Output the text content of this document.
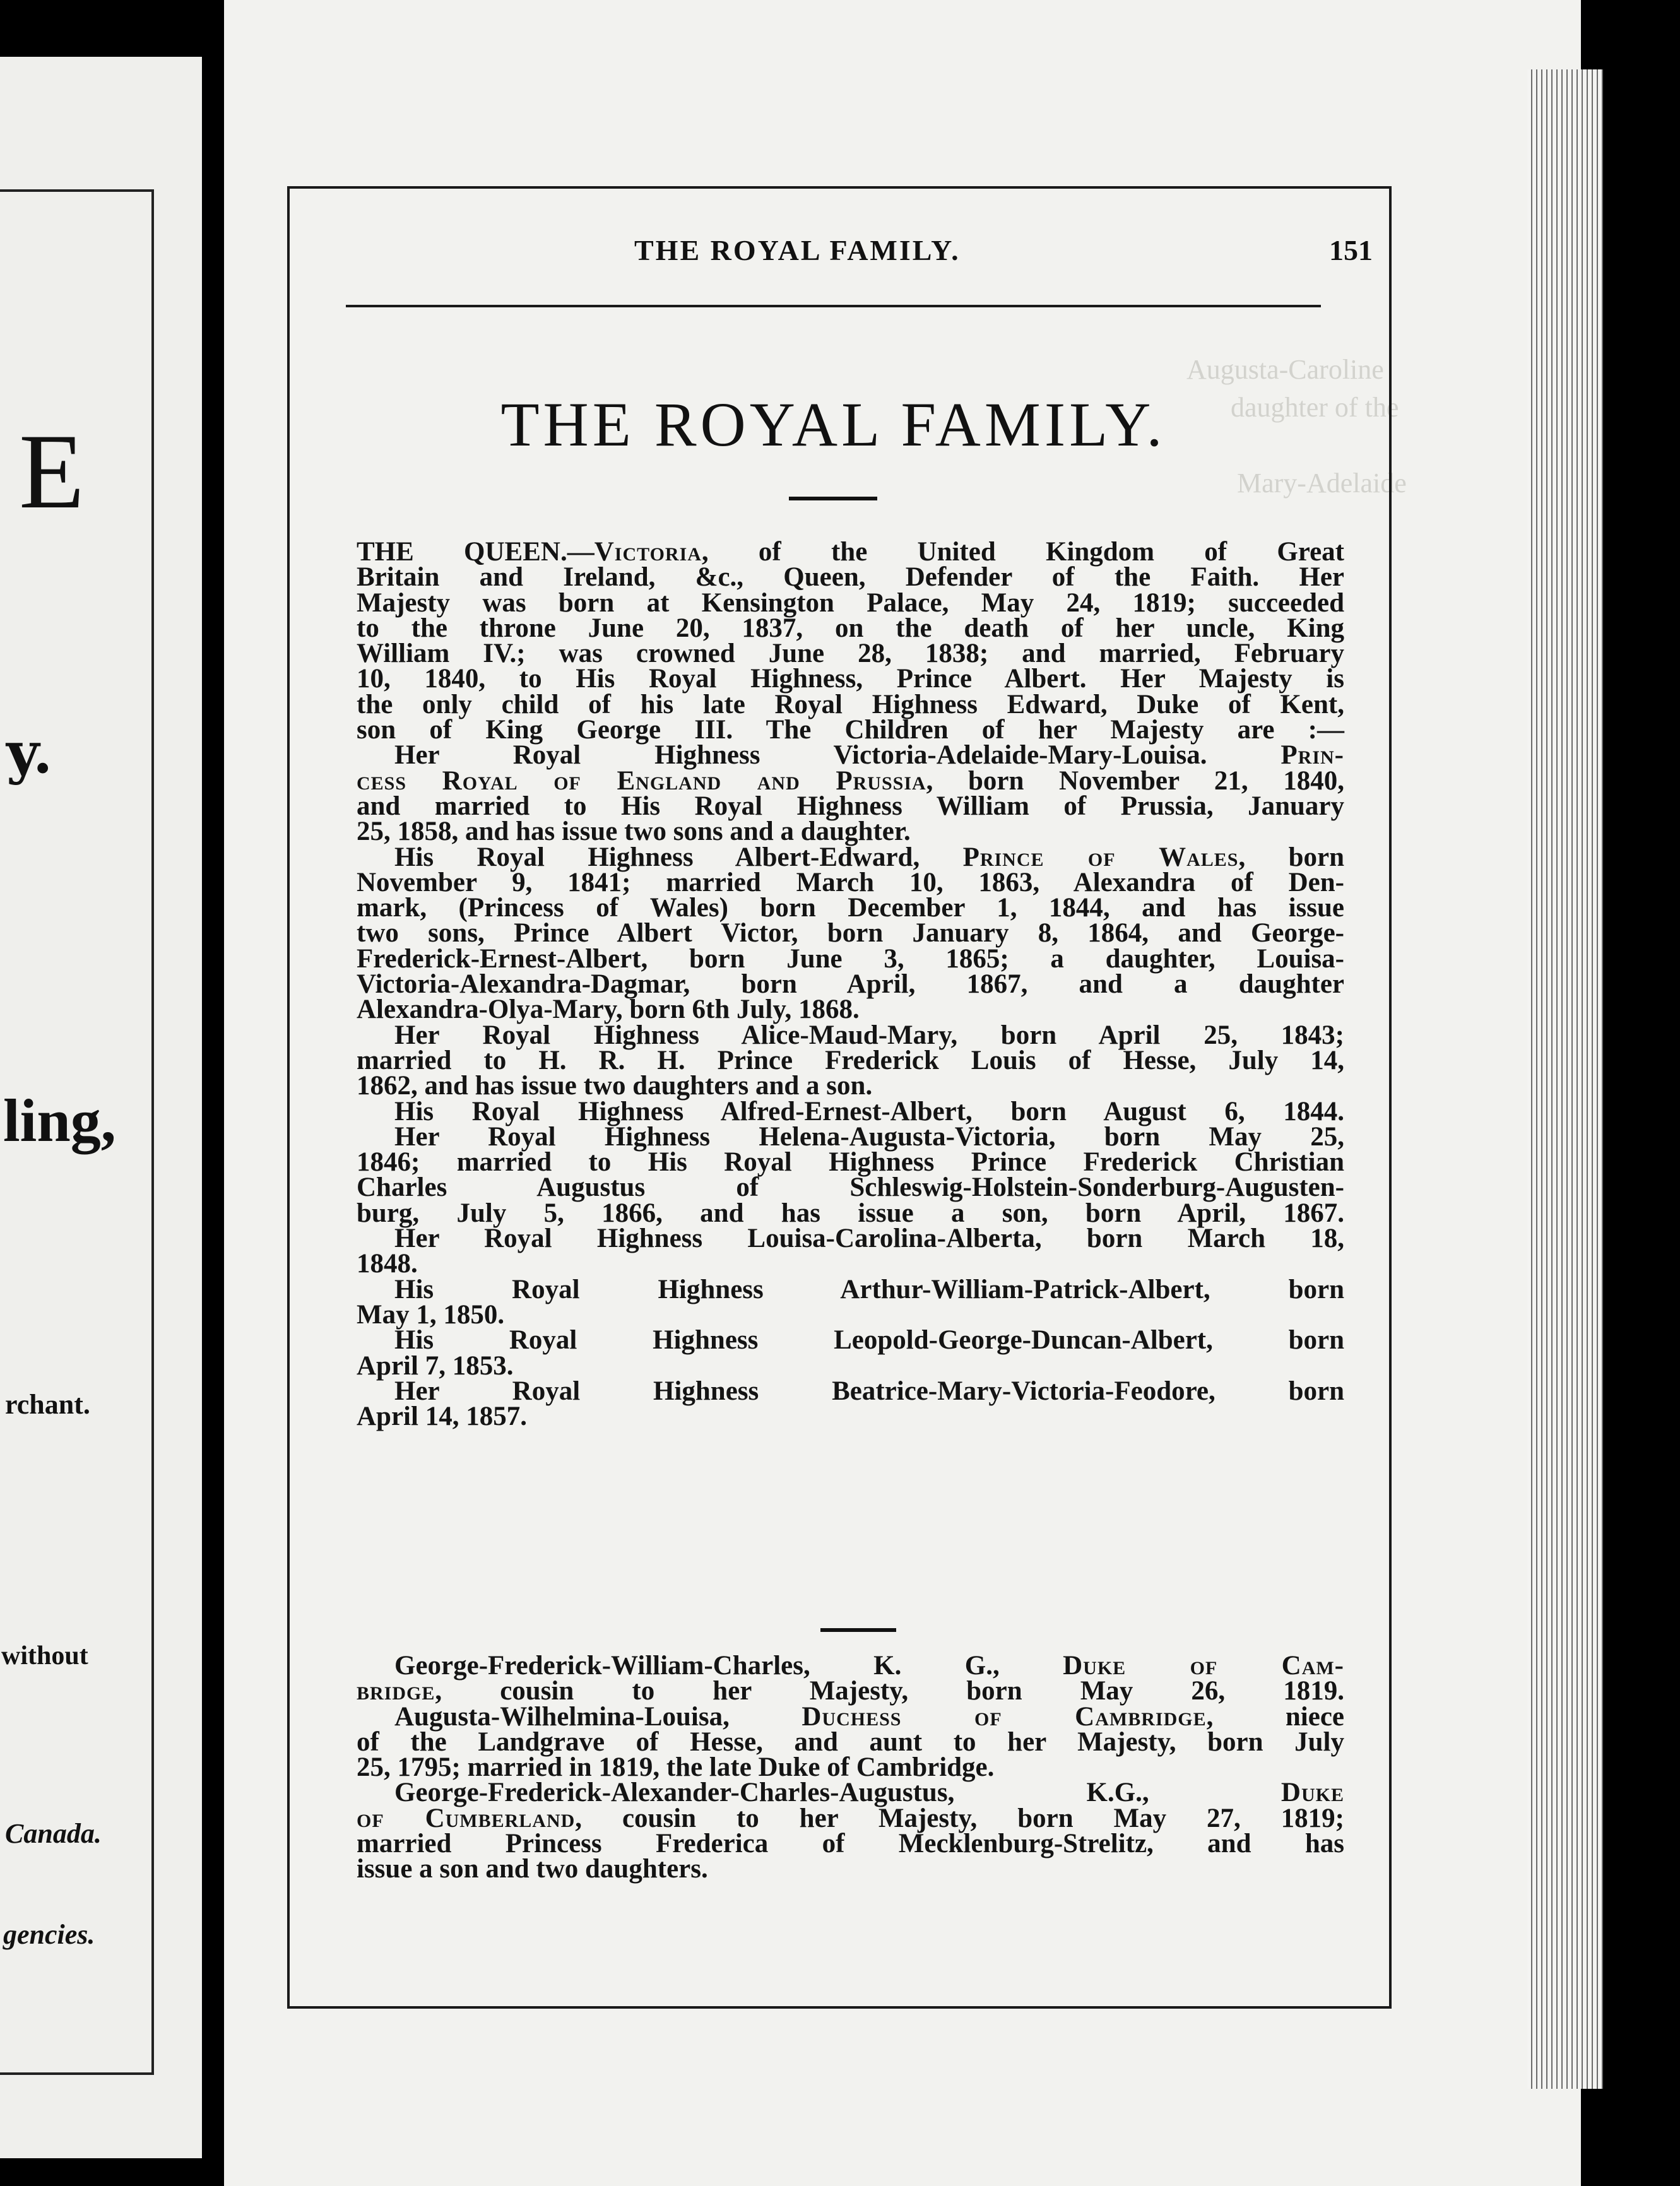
E
y.
ling,
rchant.
without
Canada.
gencies.
Augusta-Caroline
daughter of the
Mary-Adelaide
THE ROYAL FAMILY.	151
THE ROYAL FAMILY.
THE QUEEN.—Victoria, of the United Kingdom of Great
Britain and Ireland, &c., Queen, Defender of the Faith. Her
Majesty was born at Kensington Palace, May 24, 1819; succeeded
to the throne June 20, 1837, on the death of her uncle, King
William IV.; was crowned June 28, 1838; and married, February
10, 1840, to His Royal Highness, Prince Albert. Her Majesty is
the only child of his late Royal Highness Edward, Duke of Kent,
son of King George III. The Children of her Majesty are :—
Her Royal Highness Victoria-Adelaide-Mary-Louisa. Prin-
cess Royal of England and Prussia, born November 21, 1840,
and married to His Royal Highness William of Prussia, January
25, 1858, and has issue two sons and a daughter.
His Royal Highness Albert-Edward, Prince of Wales, born
November 9, 1841; married March 10, 1863, Alexandra of Den-
mark, (Princess of Wales) born December 1, 1844, and has issue
two sons, Prince Albert Victor, born January 8, 1864, and George-
Frederick-Ernest-Albert, born June 3, 1865; a daughter, Louisa-
Victoria-Alexandra-Dagmar, born April, 1867, and a daughter
Alexandra-Olya-Mary, born 6th July, 1868.
Her Royal Highness Alice-Maud-Mary, born April 25, 1843;
married to H. R. H. Prince Frederick Louis of Hesse, July 14,
1862, and has issue two daughters and a son.
His Royal Highness Alfred-Ernest-Albert, born August 6, 1844.
Her Royal Highness Helena-Augusta-Victoria, born May 25,
1846; married to His Royal Highness Prince Frederick Christian
Charles Augustus of Schleswig-Holstein-Sonderburg-Augusten-
burg, July 5, 1866, and has issue a son, born April, 1867.
Her Royal Highness Louisa-Carolina-Alberta, born March 18,
1848.
His Royal Highness Arthur-William-Patrick-Albert, born
May 1, 1850.
His Royal Highness Leopold-George-Duncan-Albert, born
April 7, 1853.
Her Royal Highness Beatrice-Mary-Victoria-Feodore, born
April 14, 1857.
George-Frederick-William-Charles, K. G., Duke of Cam-
bridge, cousin to her Majesty, born May 26, 1819.
Augusta-Wilhelmina-Louisa, Duchess of Cambridge, niece
of the Landgrave of Hesse, and aunt to her Majesty, born July
25, 1795; married in 1819, the late Duke of Cambridge.
George-Frederick-Alexander-Charles-Augustus, K.G., Duke
of Cumberland, cousin to her Majesty, born May 27, 1819;
married Princess Frederica of Mecklenburg-Strelitz, and has
issue a son and two daughters.
